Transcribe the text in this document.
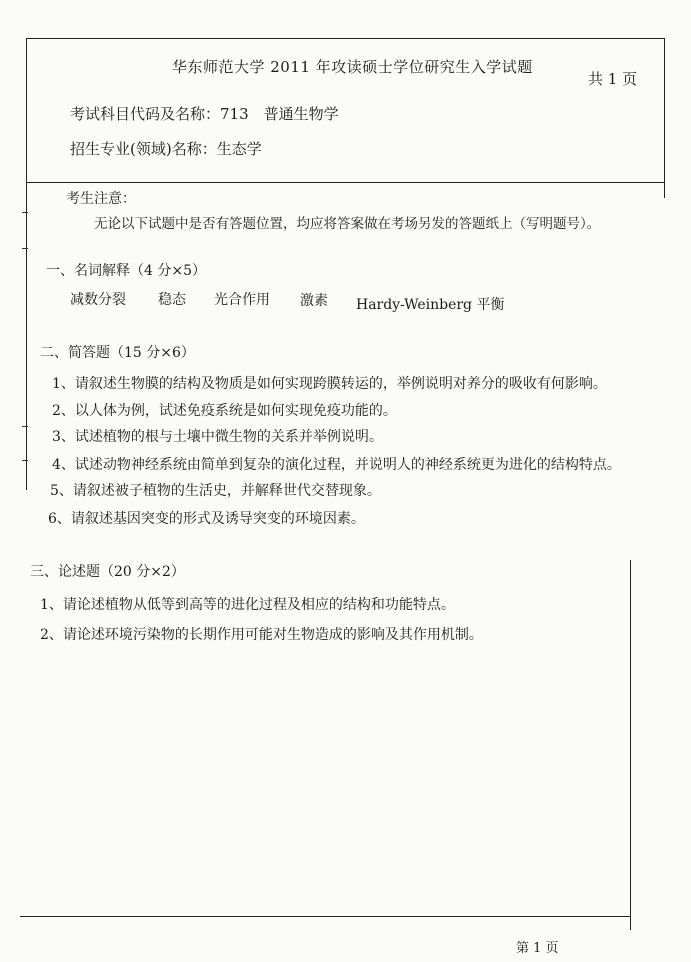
华东师范大学 2011 年攻读硕士学位研究生入学试题
共 1 页
考试科目代码及名称：713　普通生物学
招生专业(领域)名称：生态学
考生注意：
无论以下试题中是否有答题位置，均应将答案做在考场另发的答题纸上（写明题号）。
一、名词解释（4 分×5）
减数分裂 稳态 光合作用 激素 Hardy-Weinberg 平衡
二、简答题（15 分×6）
1、请叙述生物膜的结构及物质是如何实现跨膜转运的，举例说明对养分的吸收有何影响。
2、以人体为例，试述免疫系统是如何实现免疫功能的。
3、试述植物的根与土壤中微生物的关系并举例说明。
4、试述动物神经系统由简单到复杂的演化过程，并说明人的神经系统更为进化的结构特点。
5、请叙述被子植物的生活史，并解释世代交替现象。
6、请叙述基因突变的形式及诱导突变的环境因素。
三、论述题（20 分×2）
1、请论述植物从低等到高等的进化过程及相应的结构和功能特点。
2、请论述环境污染物的长期作用可能对生物造成的影响及其作用机制。
第 1 页
